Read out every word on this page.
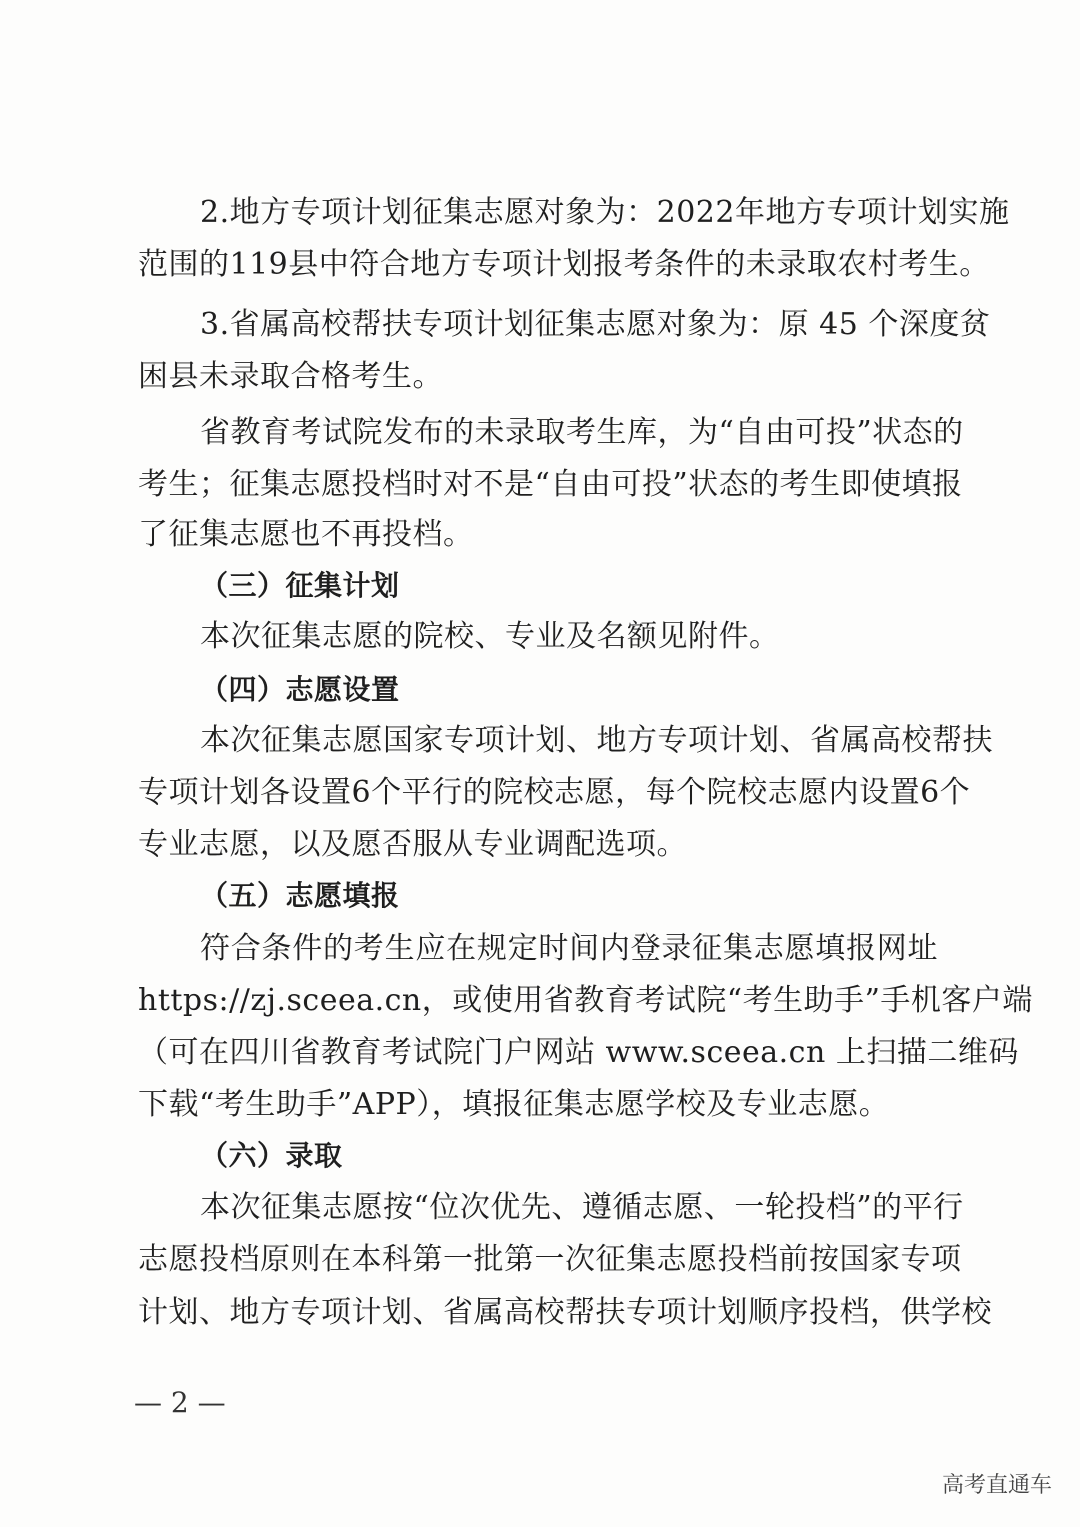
2.地方专项计划征集志愿对象为：2022年地方专项计划实施
范围的119县中符合地方专项计划报考条件的未录取农村考生。
3.省属高校帮扶专项计划征集志愿对象为：原 45 个深度贫
困县未录取合格考生。
省教育考试院发布的未录取考生库，为“自由可投”状态的
考生；征集志愿投档时对不是“自由可投”状态的考生即使填报
了征集志愿也不再投档。
（三）征集计划
本次征集志愿的院校、专业及名额见附件。
（四）志愿设置
本次征集志愿国家专项计划、地方专项计划、省属高校帮扶
专项计划各设置6个平行的院校志愿，每个院校志愿内设置6个
专业志愿，以及愿否服从专业调配选项。
（五）志愿填报
符合条件的考生应在规定时间内登录征集志愿填报网址
https://zj.sceea.cn，或使用省教育考试院“考生助手”手机客户端
（可在四川省教育考试院门户网站 www.sceea.cn 上扫描二维码
下载“考生助手”APP），填报征集志愿学校及专业志愿。
（六）录取
本次征集志愿按“位次优先、遵循志愿、一轮投档”的平行
志愿投档原则在本科第一批第一次征集志愿投档前按国家专项
计划、地方专项计划、省属高校帮扶专项计划顺序投档，供学校
— 2 —
高考直通车
